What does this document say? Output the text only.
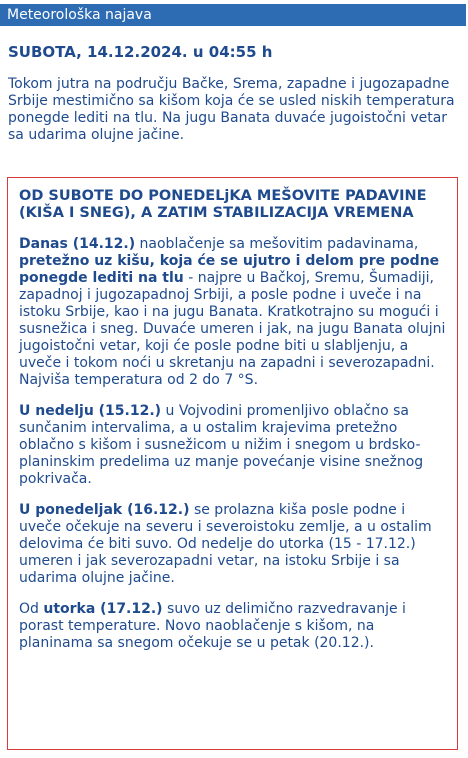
Meteorološka najava
SUBOTA, 14.12.2024. u 04:55 h
Tokom jutra na području Bačke, Srema, zapadne i jugozapadne Srbije mestimično sa kišom koja će se usled niskih temperatura ponegde lediti na tlu. Na jugu Banata duvaće jugoistočni vetar sa udarima olujne jačine.
OD SUBOTE DO PONEDELjKA MEŠOVITE PADAVINE (KIŠA I SNEG), A ZATIM STABILIZACIJA VREMENA
Danas (14.12.) naoblačenje sa mešovitim padavinama, pretežno uz kišu, koja će se ujutro i delom pre podne ponegde lediti na tlu - najpre u Bačkoj, Sremu, Šumadiji, zapadnoj i jugozapadnoj Srbiji, a posle podne i uveče i na istoku Srbije, kao i na jugu Banata. Kratkotrajno su mogući i susnežica i sneg. Duvaće umeren i jak, na jugu Banata olujni jugoistočni vetar, koji će posle podne biti u slabljenju, a uveče i tokom noći u skretanju na zapadni i severozapadni. Najviša temperatura od 2 do 7 °S.
U nedelju (15.12.) u Vojvodini promenljivo oblačno sa sunčanim intervalima, a u ostalim krajevima pretežno oblačno s kišom i susnežicom u nižim i snegom u brdsko-planinskim predelima uz manje povećanje visine snežnog pokrivača.
U ponedeljak (16.12.) se prolazna kiša posle podne i uveče očekuje na severu i severoistoku zemlje, a u ostalim delovima će biti suvo. Od nedelje do utorka (15 - 17.12.) umeren i jak severozapadni vetar, na istoku Srbije i sa udarima olujne jačine.
Od utorka (17.12.) suvo uz delimično razvedravanje i porast temperature. Novo naoblačenje s kišom, na planinama sa snegom očekuje se u petak (20.12.).
